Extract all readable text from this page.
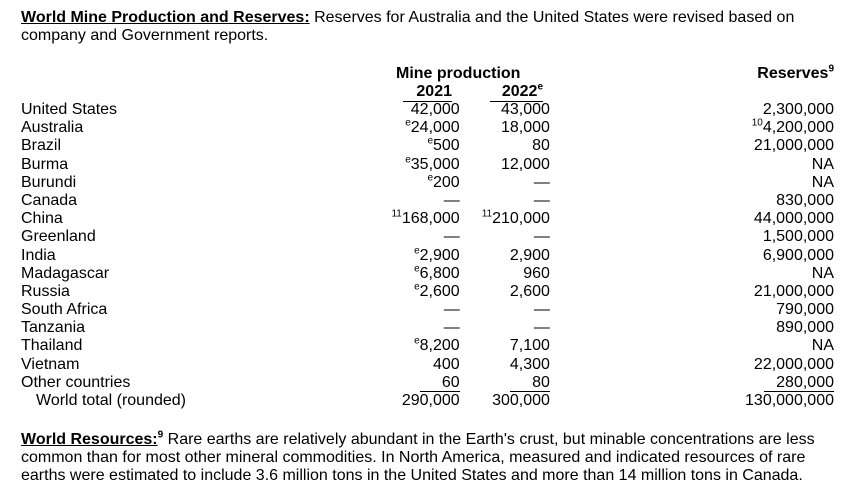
World Mine Production and Reserves: Reserves for Australia and the United States were revised based on company and Government reports.

Mine production
2021	2022e
Reserves$^9$
United States	42,000	43,000	2,300,000
Australia	$^e$24,000	18,000	$^{10}$4,200,000
Brazil	$^e$500	80	21,000,000
Burma	$^e$35,000	12,000	NA
Burundi	$^e$200	—	NA
Canada	—	—	830,000
China	$^{11}$168,000	$^{11}$210,000	44,000,000
Greenland	—	—	1,500,000
India	$^e$2,900	2,900	6,900,000
Madagascar	$^e$6,800	960	NA
Russia	$^e$2,600	2,600	21,000,000
South Africa	—	—	790,000
Tanzania	—	—	890,000
Thailand	$^e$8,200	7,100	NA
Vietnam	400	4,300	22,000,000
Other countries	60	80	280,000
World total (rounded)	290,000	300,000	130,000,000

World Resources:$^9$ Rare earths are relatively abundant in the Earth's crust, but minable concentrations are less common than for most other mineral commodities. In North America, measured and indicated resources of rare earths were estimated to include 3.6 million tons in the United States and more than 14 million tons in Canada.
